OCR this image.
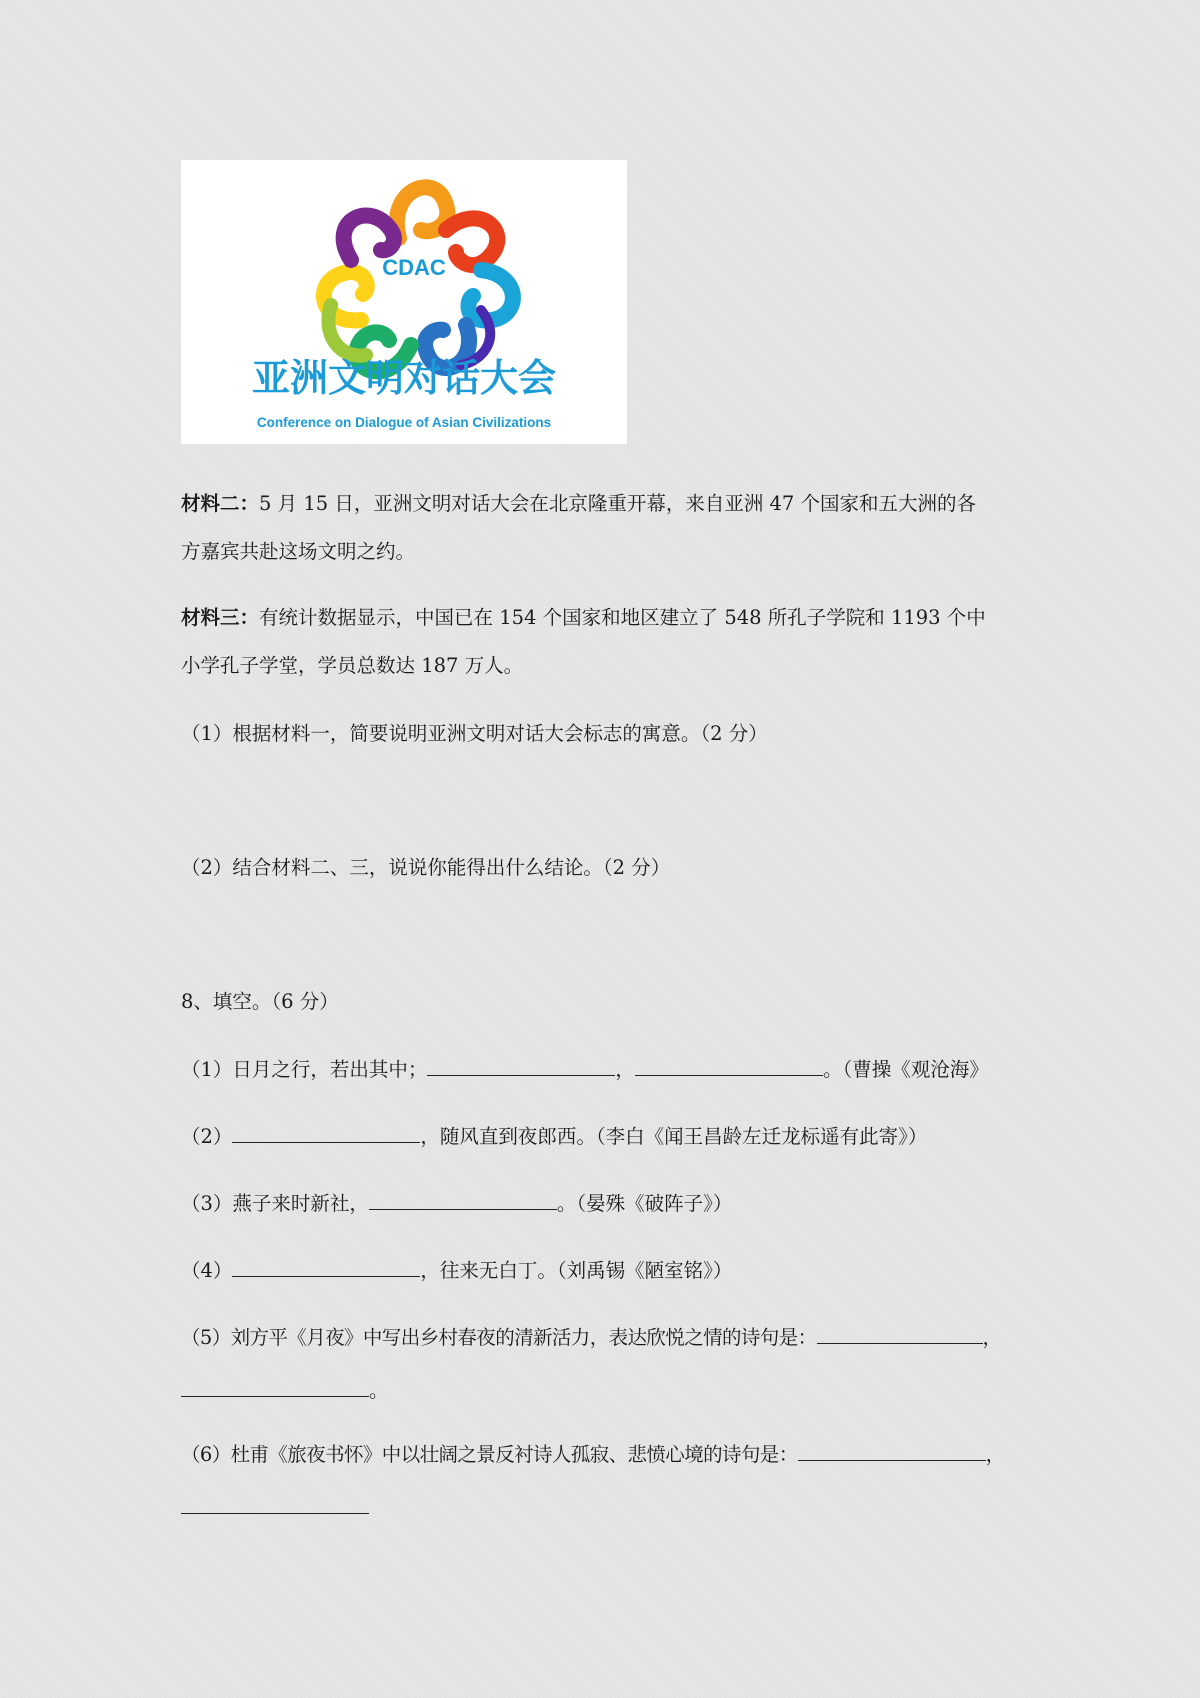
CDAC
亚洲文明对话大会
Conference on Dialogue of Asian Civilizations
材料二：5 月 15 日，亚洲文明对话大会在北京隆重开幕，来自亚洲 47 个国家和五大洲的各
方嘉宾共赴这场文明之约。
材料三：有统计数据显示，中国已在 154 个国家和地区建立了 548 所孔子学院和 1193 个中
小学孔子学堂，学员总数达 187 万人。
（1）根据材料一，简要说明亚洲文明对话大会标志的寓意。（2 分）
（2）结合材料二、三，说说你能得出什么结论。（2 分）
8、填空。（6 分）
（1）日月之行，若出其中；	，	。（曹操《观沧海》
（2）	，随风直到夜郎西。（李白《闻王昌龄左迁龙标遥有此寄》）
（3）燕子来时新社，	。（晏殊《破阵子》）
（4）	，往来无白丁。（刘禹锡《陋室铭》）
（5）刘方平《月夜》中写出乡村春夜的清新活力，表达欣悦之情的诗句是：	，
。
（6）杜甫《旅夜书怀》中以壮阔之景反衬诗人孤寂、悲愤心境的诗句是：	，
